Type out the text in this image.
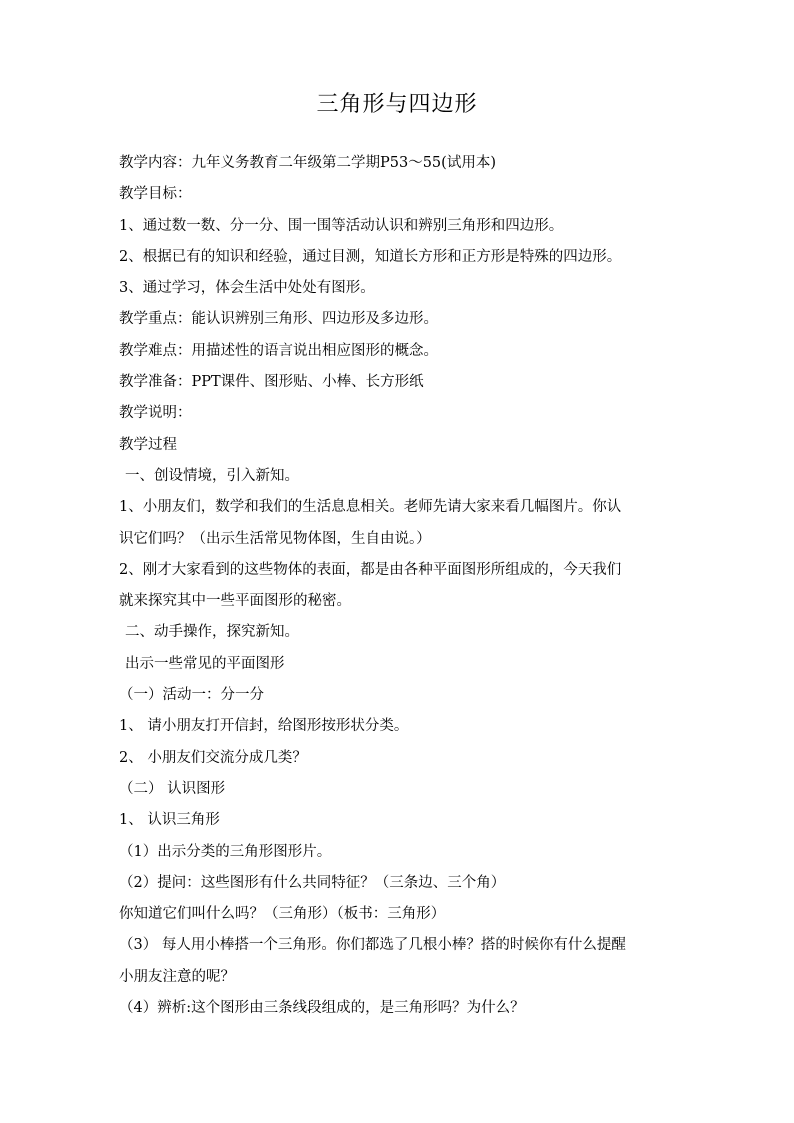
三角形与四边形
教学内容：九年义务教育二年级第二学期P53～55(试用本)
教学目标：
1、通过数一数、分一分、围一围等活动认识和辨别三角形和四边形。
2、根据已有的知识和经验，通过目测，知道长方形和正方形是特殊的四边形。
3、通过学习，体会生活中处处有图形。
教学重点：能认识辨别三角形、四边形及多边形。
教学难点：用描述性的语言说出相应图形的概念。
教学准备：PPT课件、图形贴、小棒、长方形纸
教学说明：
教学过程
一、创设情境，引入新知。
1、小朋友们，数学和我们的生活息息相关。老师先请大家来看几幅图片。你认
识它们吗？（出示生活常见物体图，生自由说。）
2、刚才大家看到的这些物体的表面，都是由各种平面图形所组成的，今天我们
就来探究其中一些平面图形的秘密。
二、动手操作，探究新知。
出示一些常见的平面图形
（一）活动一：分一分
1、 请小朋友打开信封，给图形按形状分类。
2、 小朋友们交流分成几类？
（二） 认识图形
1、 认识三角形
（1）出示分类的三角形图形片。
（2）提问：这些图形有什么共同特征？（三条边、三个角）
你知道它们叫什么吗？（三角形）（板书：三角形）
（3） 每人用小棒搭一个三角形。你们都选了几根小棒？搭的时候你有什么提醒
小朋友注意的呢？
（4）辨析:这个图形由三条线段组成的，是三角形吗？为什么？
